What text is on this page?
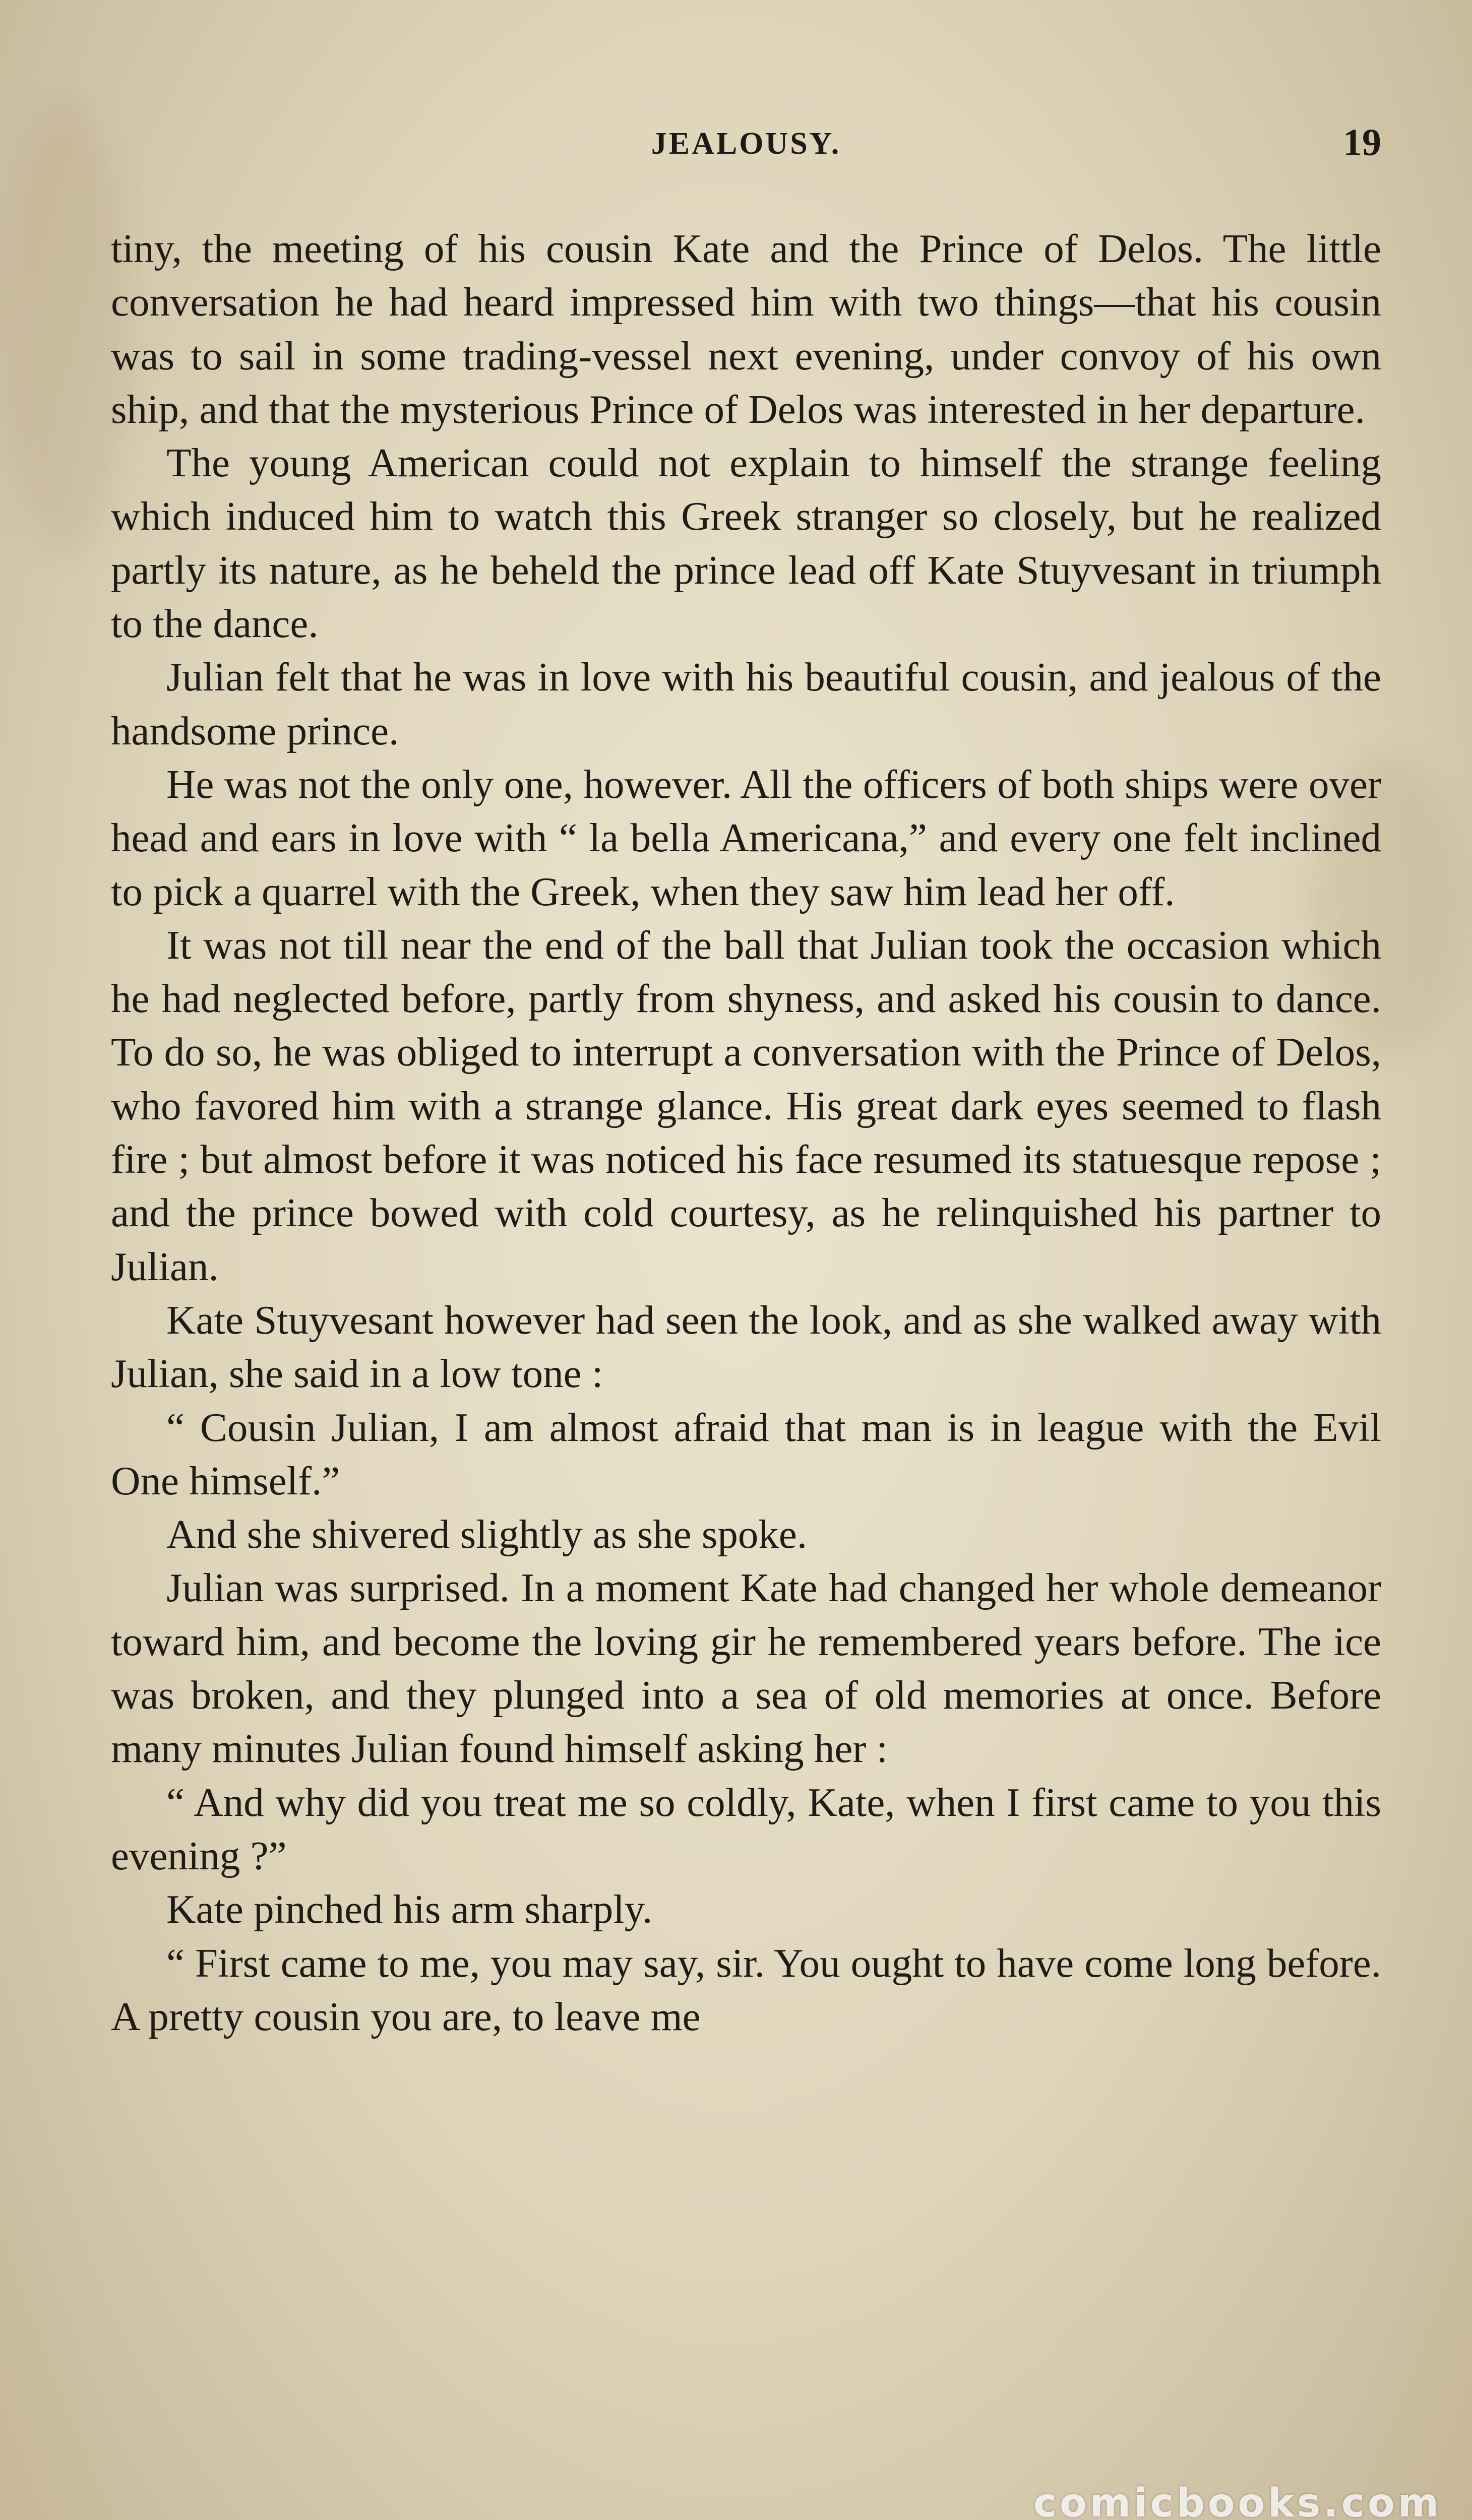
JEALOUSY.	19

tiny, the meeting of his cousin Kate and the Prince of Delos. The little conversation he had heard impressed him with two things—that his cousin was to sail in some trading-vessel next evening, under convoy of his own ship, and that the mysterious Prince of Delos was interested in her departure.

The young American could not explain to himself the strange feeling which induced him to watch this Greek stranger so closely, but he realized partly its nature, as he beheld the prince lead off Kate Stuyvesant in triumph to the dance.

Julian felt that he was in love with his beautiful cousin, and jealous of the handsome prince.

He was not the only one, however. All the officers of both ships were over head and ears in love with “ la bella Americana,” and every one felt inclined to pick a quarrel with the Greek, when they saw him lead her off.

It was not till near the end of the ball that Julian took the occasion which he had neglected before, partly from shyness, and asked his cousin to dance. To do so, he was obliged to interrupt a conversation with the Prince of Delos, who favored him with a strange glance. His great dark eyes seemed to flash fire ; but almost before it was noticed his face resumed its statuesque repose ; and the prince bowed with cold courtesy, as he relinquished his partner to Julian.

Kate Stuyvesant however had seen the look, and as she walked away with Julian, she said in a low tone :

“ Cousin Julian, I am almost afraid that man is in league with the Evil One himself.”

And she shivered slightly as she spoke.

Julian was surprised. In a moment Kate had changed her whole demeanor toward him, and become the loving gir he remembered years before. The ice was broken, and they plunged into a sea of old memories at once. Before many minutes Julian found himself asking her :

“ And why did you treat me so coldly, Kate, when I first came to you this evening ?”

Kate pinched his arm sharply.

“ First came to me, you may say, sir. You ought to have come long before. A pretty cousin you are, to leave me

comicbooks.com
